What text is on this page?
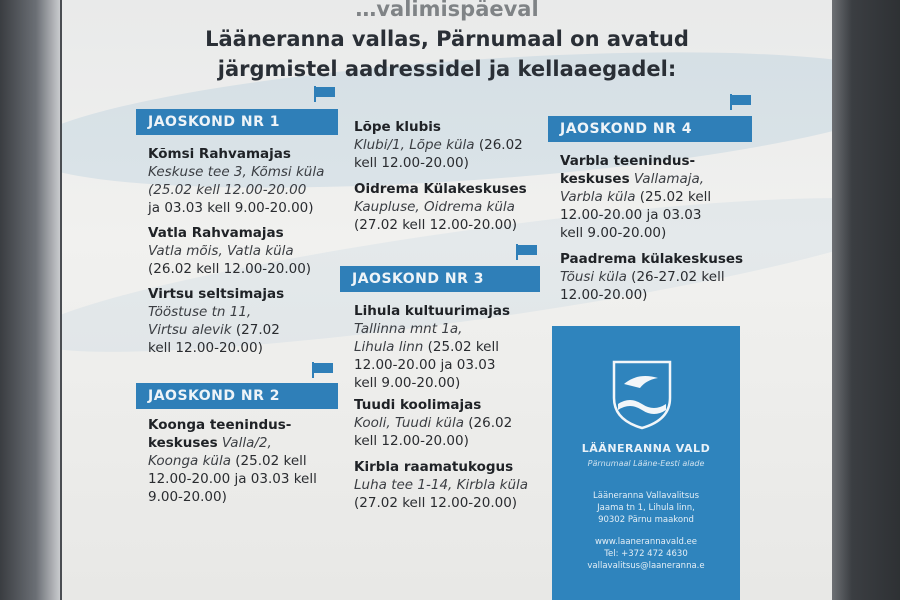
…valimispäeval
Lääneranna vallas, Pärnumaal on avatud
järgmistel aadressidel ja kellaaegadel:
JAOSKOND NR 1
Kõmsi Rahvamajas
Keskuse tee 3, Kõmsi küla
(25.02 kell 12.00-20.00
ja 03.03 kell 9.00-20.00)
Vatla Rahvamajas
Vatla mõis, Vatla küla
(26.02 kell 12.00-20.00)
Virtsu seltsimajas
Tööstuse tn 11,
Virtsu alevik (27.02
kell 12.00-20.00)
JAOSKOND NR 2
Koonga teenindus-
keskuses Valla/2,
Koonga küla (25.02 kell
12.00-20.00 ja 03.03 kell
9.00-20.00)
Lõpe klubis
Klubi/1, Lõpe küla (26.02
kell 12.00-20.00)
Oidrema Külakeskuses
Kaupluse, Oidrema küla
(27.02 kell 12.00-20.00)
JAOSKOND NR 3
Lihula kultuurimajas
Tallinna mnt 1a,
Lihula linn (25.02 kell
12.00-20.00 ja 03.03
kell 9.00-20.00)
Tuudi koolimajas
Kooli, Tuudi küla (26.02
kell 12.00-20.00)
Kirbla raamatukogus
Luha tee 1-14, Kirbla küla
(27.02 kell 12.00-20.00)
JAOSKOND NR 4
Varbla teenindus-
keskuses Vallamaja,
Varbla küla (25.02 kell
12.00-20.00 ja 03.03
kell 9.00-20.00)
Paadrema külakeskuses
Tõusi küla (26-27.02 kell
12.00-20.00)
LÄÄNERANNA VALD
Pärnumaal Lääne-Eesti alade
Lääneranna Vallavalitsus
Jaama tn 1, Lihula linn,
90302 Pärnu maakond
www.laanerannavald.ee
Tel: +372 472 4630
vallavalitsus@laaneranna.e
